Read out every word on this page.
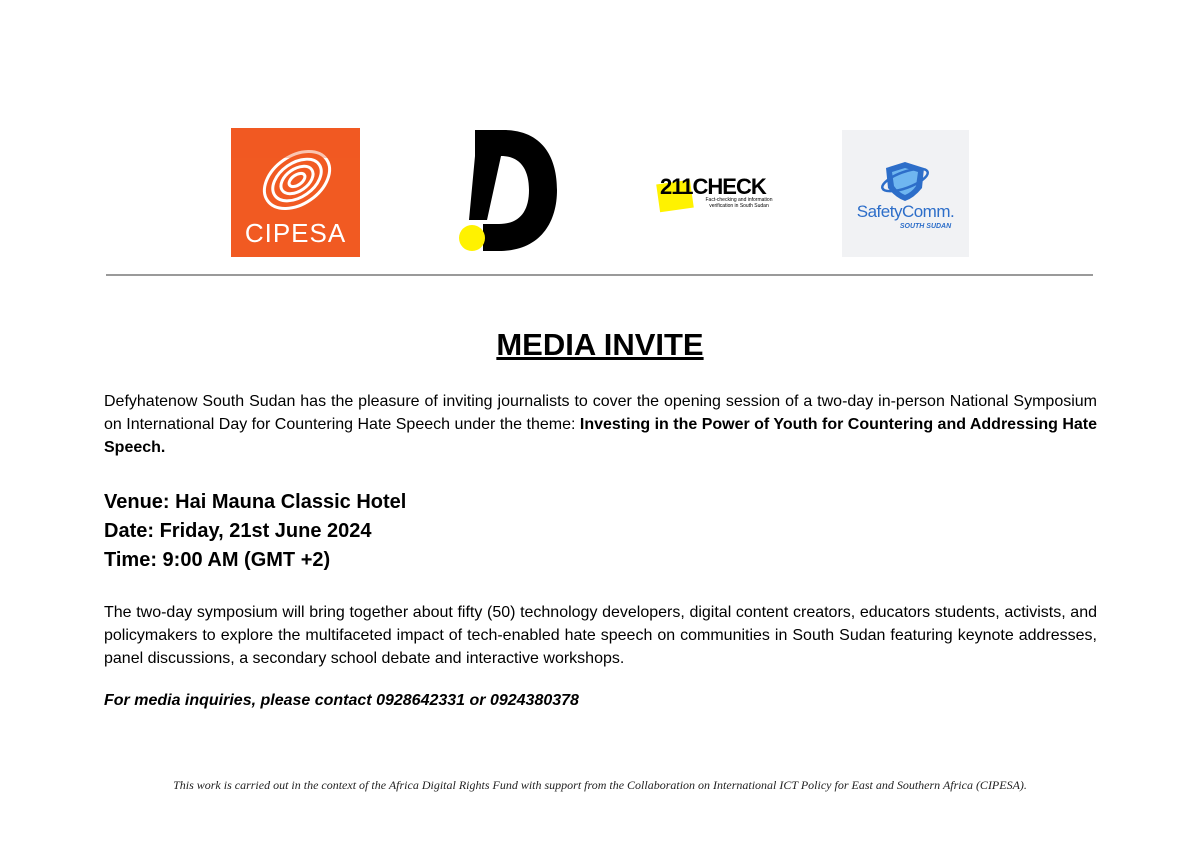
CIPESA
211CHECK
Fact-checking and information
verification in South Sudan	SafetyComm.
SOUTH SUDAN
MEDIA INVITE

Defyhatenow South Sudan has the pleasure of inviting journalists to cover the opening session of a two-day in-person National Symposium on International Day for Countering Hate Speech under the theme: Investing in the Power of Youth for Countering and Addressing Hate Speech.

Venue: Hai Mauna Classic Hotel
Date: Friday, 21st June 2024
Time: 9:00 AM (GMT +2)

The two-day symposium will bring together about fifty (50) technology developers, digital content creators, educators students, activists, and policymakers to explore the multifaceted impact of tech-enabled hate speech on communities in South Sudan featuring keynote addresses, panel discussions, a secondary school debate and interactive workshops.

For media inquiries, please contact 0928642331 or 0924380378
This work is carried out in the context of the Africa Digital Rights Fund with support from the Collaboration on International ICT Policy for East and Southern Africa (CIPESA).
